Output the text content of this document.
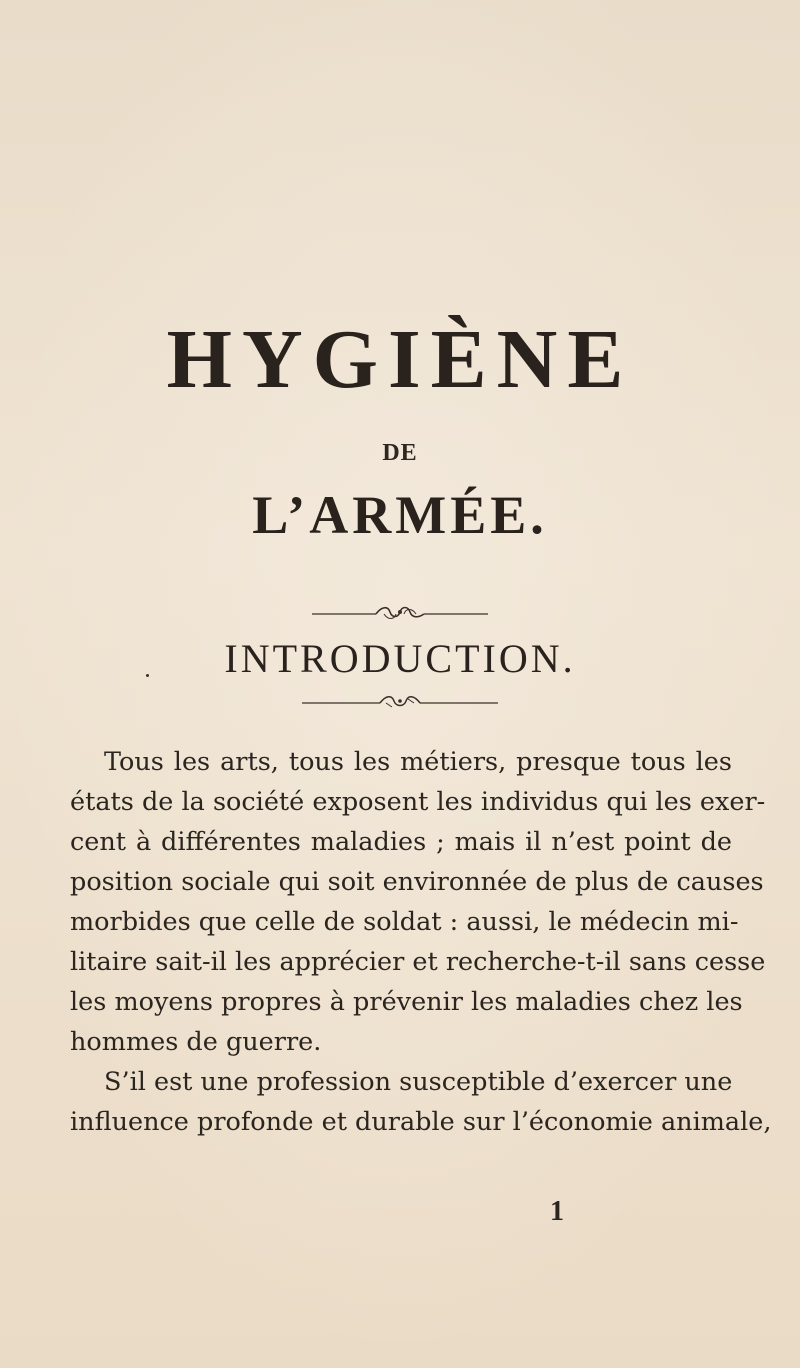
HYGIÈNE
DE
L’ARMÉE.
INTRODUCTION.

Tous les arts, tous les métiers, presque tous les
états de la société exposent les individus qui les exer-
cent à différentes maladies ; mais il n’est point de
position sociale qui soit environnée de plus de causes
morbides que celle de soldat : aussi, le médecin mi-
litaire sait-il les apprécier et recherche-t-il sans cesse
les moyens propres à prévenir les maladies chez les
hommes de guerre.

S’il est une profession susceptible d’exercer une
influence profonde et durable sur l’économie animale,

1
